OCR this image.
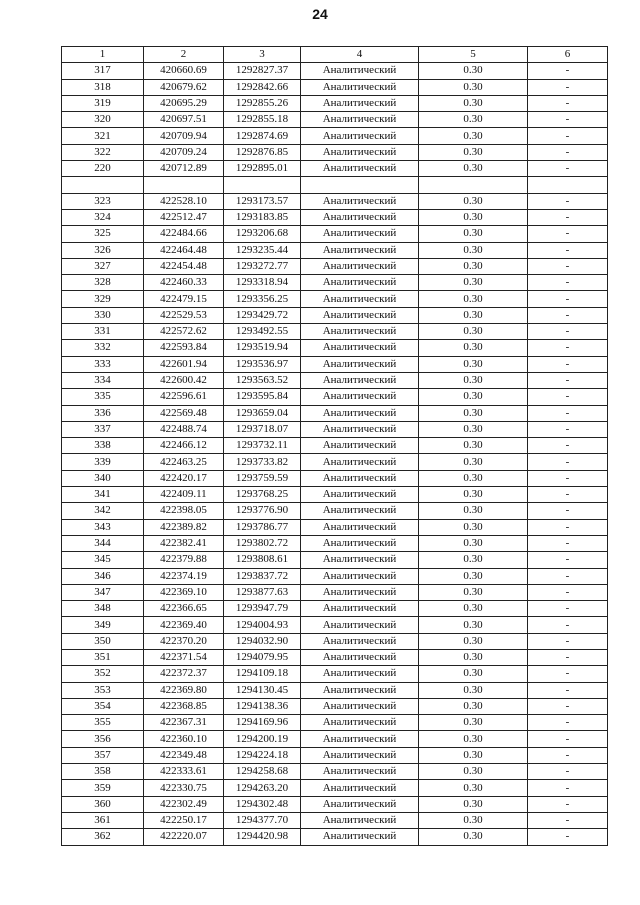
24
1	2	3	4	5	6
317	420660.69	1292827.37	Аналитический	0.30	-
318	420679.62	1292842.66	Аналитический	0.30	-
319	420695.29	1292855.26	Аналитический	0.30	-
320	420697.51	1292855.18	Аналитический	0.30	-
321	420709.94	1292874.69	Аналитический	0.30	-
322	420709.24	1292876.85	Аналитический	0.30	-
220	420712.89	1292895.01	Аналитический	0.30	-

323	422528.10	1293173.57	Аналитический	0.30	-
324	422512.47	1293183.85	Аналитический	0.30	-
325	422484.66	1293206.68	Аналитический	0.30	-
326	422464.48	1293235.44	Аналитический	0.30	-
327	422454.48	1293272.77	Аналитический	0.30	-
328	422460.33	1293318.94	Аналитический	0.30	-
329	422479.15	1293356.25	Аналитический	0.30	-
330	422529.53	1293429.72	Аналитический	0.30	-
331	422572.62	1293492.55	Аналитический	0.30	-
332	422593.84	1293519.94	Аналитический	0.30	-
333	422601.94	1293536.97	Аналитический	0.30	-
334	422600.42	1293563.52	Аналитический	0.30	-
335	422596.61	1293595.84	Аналитический	0.30	-
336	422569.48	1293659.04	Аналитический	0.30	-
337	422488.74	1293718.07	Аналитический	0.30	-
338	422466.12	1293732.11	Аналитический	0.30	-
339	422463.25	1293733.82	Аналитический	0.30	-
340	422420.17	1293759.59	Аналитический	0.30	-
341	422409.11	1293768.25	Аналитический	0.30	-
342	422398.05	1293776.90	Аналитический	0.30	-
343	422389.82	1293786.77	Аналитический	0.30	-
344	422382.41	1293802.72	Аналитический	0.30	-
345	422379.88	1293808.61	Аналитический	0.30	-
346	422374.19	1293837.72	Аналитический	0.30	-
347	422369.10	1293877.63	Аналитический	0.30	-
348	422366.65	1293947.79	Аналитический	0.30	-
349	422369.40	1294004.93	Аналитический	0.30	-
350	422370.20	1294032.90	Аналитический	0.30	-
351	422371.54	1294079.95	Аналитический	0.30	-
352	422372.37	1294109.18	Аналитический	0.30	-
353	422369.80	1294130.45	Аналитический	0.30	-
354	422368.85	1294138.36	Аналитический	0.30	-
355	422367.31	1294169.96	Аналитический	0.30	-
356	422360.10	1294200.19	Аналитический	0.30	-
357	422349.48	1294224.18	Аналитический	0.30	-
358	422333.61	1294258.68	Аналитический	0.30	-
359	422330.75	1294263.20	Аналитический	0.30	-
360	422302.49	1294302.48	Аналитический	0.30	-
361	422250.17	1294377.70	Аналитический	0.30	-
362	422220.07	1294420.98	Аналитический	0.30	-
